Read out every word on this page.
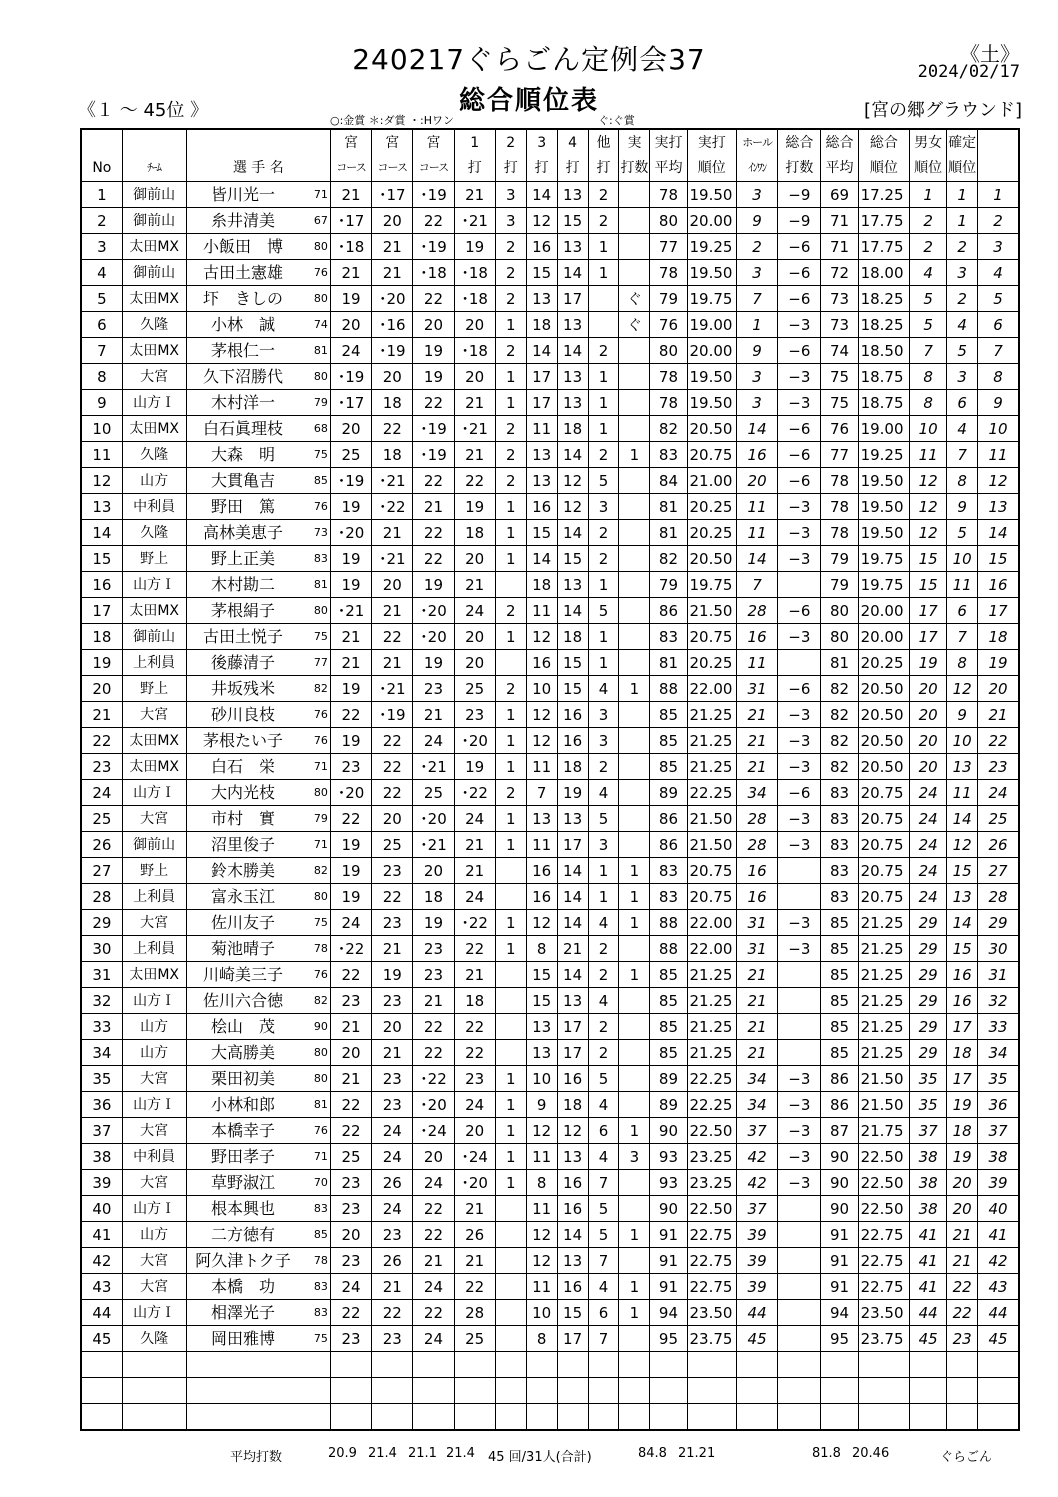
240217ぐらごん定例会37	《土》
2024/02/17
総合順位表
《１ ～ 45位 》	[宮の郷グラウンド]
○:金賞 ＊:ダ賞 ・:Hワン	ぐ:ぐ賞
				宮	宮	宮	1	2	3	4	他	実	実打	実打	ホール	総合	総合	総合	男女	確定	
No	ﾁｰﾑ	選 手 名		コース	コース	コース	打	打	打	打	打	打数	平均	順位	ｲﾝﾜﾝ	打数	平均	順位	順位	順位	
1	御前山	皆川光一	71	21	･17	･19	21	3	14	13	2		78	19.50	3	−9	69	17.25	1	1	1
2	御前山	糸井清美	67	･17	20	22	･21	3	12	15	2		80	20.00	9	−9	71	17.75	2	1	2
3	太田MX	小飯田　博	80	･18	21	･19	19	2	16	13	1		77	19.25	2	−6	71	17.75	2	2	3
4	御前山	古田土憲雄	76	21	21	･18	･18	2	15	14	1		78	19.50	3	−6	72	18.00	4	3	4
5	太田MX	圷　きしの	80	19	･20	22	･18	2	13	17		ぐ	79	19.75	7	−6	73	18.25	5	2	5
6	久隆	小林　誠	74	20	･16	20	20	1	18	13		ぐ	76	19.00	1	−3	73	18.25	5	4	6
7	太田MX	茅根仁一	81	24	･19	19	･18	2	14	14	2		80	20.00	9	−6	74	18.50	7	5	7
8	大宮	久下沼勝代	80	･19	20	19	20	1	17	13	1		78	19.50	3	−3	75	18.75	8	3	8
9	山方Ｉ	木村洋一	79	･17	18	22	21	1	17	13	1		78	19.50	3	−3	75	18.75	8	6	9
10	太田MX	白石眞理枝	68	20	22	･19	･21	2	11	18	1		82	20.50	14	−6	76	19.00	10	4	10
11	久隆	大森　明	75	25	18	･19	21	2	13	14	2	1	83	20.75	16	−6	77	19.25	11	7	11
12	山方	大貫亀吉	85	･19	･21	22	22	2	13	12	5		84	21.00	20	−6	78	19.50	12	8	12
13	中利員	野田　篤	76	19	･22	21	19	1	16	12	3		81	20.25	11	−3	78	19.50	12	9	13
14	久隆	高林美恵子	73	･20	21	22	18	1	15	14	2		81	20.25	11	−3	78	19.50	12	5	14
15	野上	野上正美	83	19	･21	22	20	1	14	15	2		82	20.50	14	−3	79	19.75	15	10	15
16	山方Ｉ	木村勘二	81	19	20	19	21		18	13	1		79	19.75	7		79	19.75	15	11	16
17	太田MX	茅根絹子	80	･21	21	･20	24	2	11	14	5		86	21.50	28	−6	80	20.00	17	6	17
18	御前山	古田土悦子	75	21	22	･20	20	1	12	18	1		83	20.75	16	−3	80	20.00	17	7	18
19	上利員	後藤清子	77	21	21	19	20		16	15	1		81	20.25	11		81	20.25	19	8	19
20	野上	井坂残米	82	19	･21	23	25	2	10	15	4	1	88	22.00	31	−6	82	20.50	20	12	20
21	大宮	砂川良枝	76	22	･19	21	23	1	12	16	3		85	21.25	21	−3	82	20.50	20	9	21
22	太田MX	茅根たい子	76	19	22	24	･20	1	12	16	3		85	21.25	21	−3	82	20.50	20	10	22
23	太田MX	白石　栄	71	23	22	･21	19	1	11	18	2		85	21.25	21	−3	82	20.50	20	13	23
24	山方Ｉ	大内光枝	80	･20	22	25	･22	2	7	19	4		89	22.25	34	−6	83	20.75	24	11	24
25	大宮	市村　實	79	22	20	･20	24	1	13	13	5		86	21.50	28	−3	83	20.75	24	14	25
26	御前山	沼里俊子	71	19	25	･21	21	1	11	17	3		86	21.50	28	−3	83	20.75	24	12	26
27	野上	鈴木勝美	82	19	23	20	21		16	14	1	1	83	20.75	16		83	20.75	24	15	27
28	上利員	富永玉江	80	19	22	18	24		16	14	1	1	83	20.75	16		83	20.75	24	13	28
29	大宮	佐川友子	75	24	23	19	･22	1	12	14	4	1	88	22.00	31	−3	85	21.25	29	14	29
30	上利員	菊池晴子	78	･22	21	23	22	1	8	21	2		88	22.00	31	−3	85	21.25	29	15	30
31	太田MX	川崎美三子	76	22	19	23	21		15	14	2	1	85	21.25	21		85	21.25	29	16	31
32	山方Ｉ	佐川六合徳	82	23	23	21	18		15	13	4		85	21.25	21		85	21.25	29	16	32
33	山方	桧山　茂	90	21	20	22	22		13	17	2		85	21.25	21		85	21.25	29	17	33
34	山方	大高勝美	80	20	21	22	22		13	17	2		85	21.25	21		85	21.25	29	18	34
35	大宮	栗田初美	80	21	23	･22	23	1	10	16	5		89	22.25	34	−3	86	21.50	35	17	35
36	山方Ｉ	小林和郎	81	22	23	･20	24	1	9	18	4		89	22.25	34	−3	86	21.50	35	19	36
37	大宮	本橋幸子	76	22	24	･24	20	1	12	12	6	1	90	22.50	37	−3	87	21.75	37	18	37
38	中利員	野田孝子	71	25	24	20	･24	1	11	13	4	3	93	23.25	42	−3	90	22.50	38	19	38
39	大宮	草野淑江	70	23	26	24	･20	1	8	16	7		93	23.25	42	−3	90	22.50	38	20	39
40	山方Ｉ	根本興也	83	23	24	22	21		11	16	5		90	22.50	37		90	22.50	38	20	40
41	山方	二方徳有	85	20	23	22	26		12	14	5	1	91	22.75	39		91	22.75	41	21	41
42	大宮	阿久津トク子	78	23	26	21	21		12	13	7		91	22.75	39		91	22.75	41	21	42
43	大宮	本橋　功	83	24	21	24	22		11	16	4	1	91	22.75	39		91	22.75	41	22	43
44	山方Ｉ	相澤光子	83	22	22	22	28		10	15	6	1	94	23.50	44		94	23.50	44	22	44
45	久隆	岡田雅博	75	23	23	24	25		8	17	7		95	23.75	45		95	23.75	45	23	45

平均打数	20.9 21.4 21.1 21.4 45 回/31人(合計)	84.8 21.21	81.8 20.46	ぐらごん
